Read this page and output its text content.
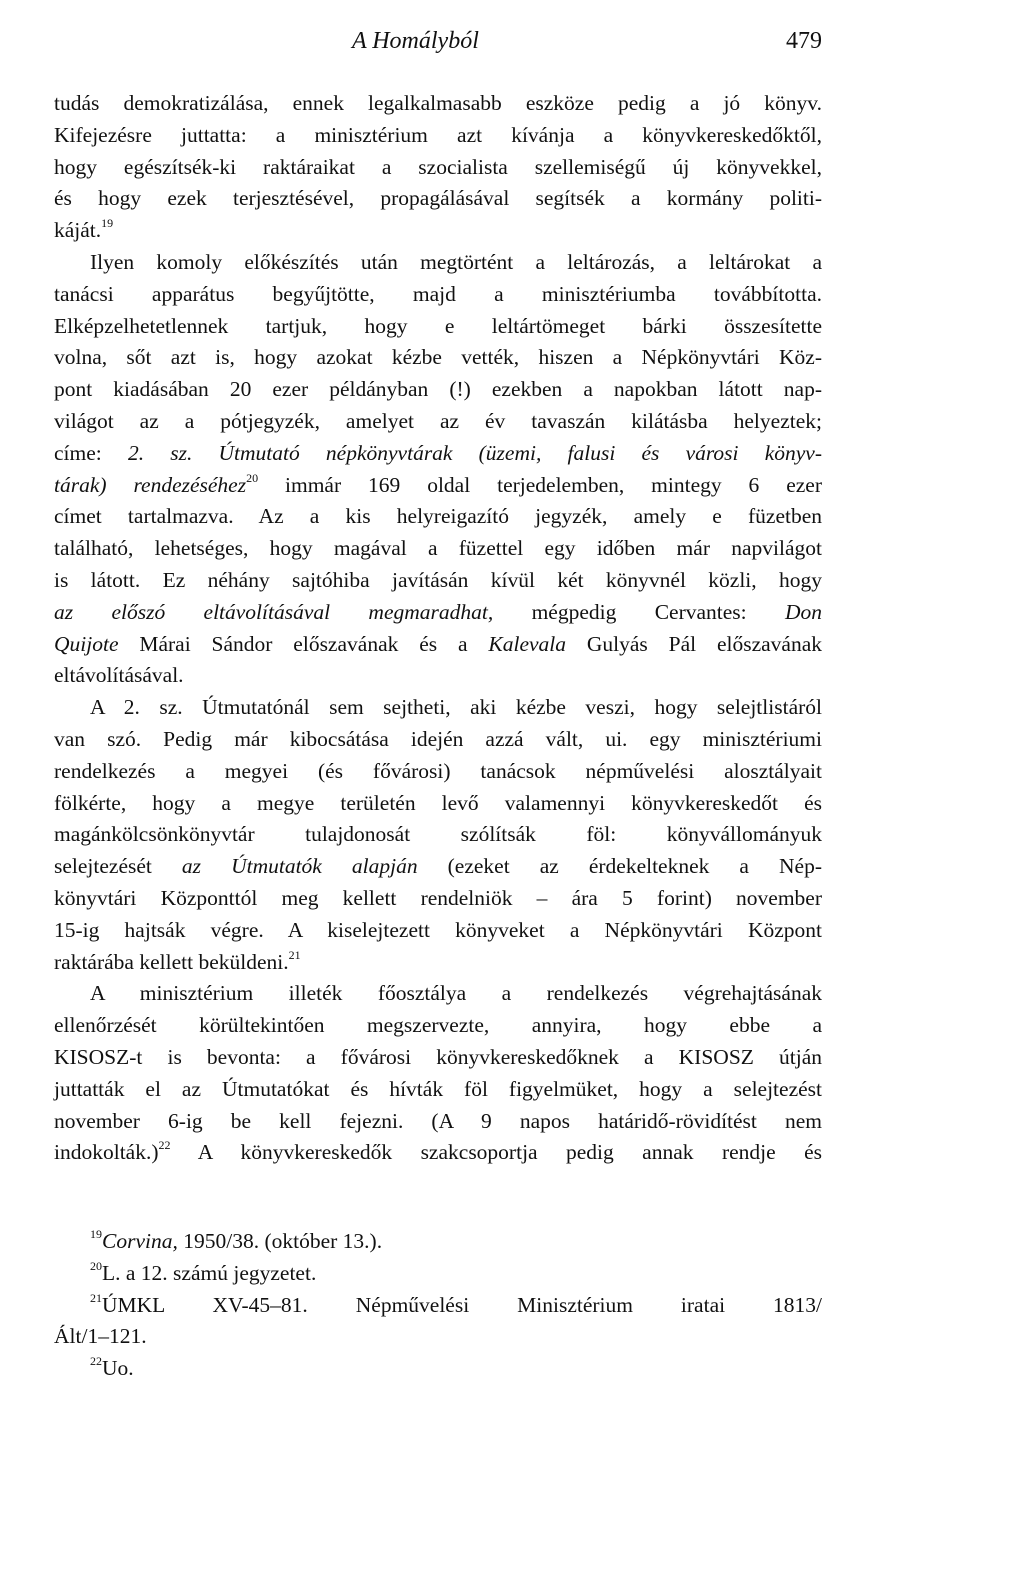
A Homályból	479
tudás demokratizálása, ennek legalkalmasabb eszköze pedig a jó könyv.
Kifejezésre juttatta: a minisztérium azt kívánja a könyvkereskedőktől,
hogy egészítsék-ki raktáraikat a szocialista szellemiségű új könyvekkel,
és hogy ezek terjesztésével, propagálásával segítsék a kormány politi-
káját.$^{19}$
Ilyen komoly előkészítés után megtörtént a leltározás, a leltárokat a
tanácsi apparátus begyűjtötte, majd a minisztériumba továbbította.
Elképzelhetetlennek tartjuk, hogy e leltártömeget bárki összesítette
volna, sőt azt is, hogy azokat kézbe vették, hiszen a Népkönyvtári Köz-
pont kiadásában 20 ezer példányban (!) ezekben a napokban látott nap-
világot az a pótjegyzék, amelyet az év tavaszán kilátásba helyeztek;
címe: 2. sz. Útmutató népkönyvtárak (üzemi, falusi és városi könyv-
tárak) rendezéséhez$^{20}$ immár 169 oldal terjedelemben, mintegy 6 ezer
címet tartalmazva. Az a kis helyreigazító jegyzék, amely e füzetben
található, lehetséges, hogy magával a füzettel egy időben már napvilágot
is látott. Ez néhány sajtóhiba javításán kívül két könyvnél közli, hogy
az előszó eltávolításával megmaradhat, mégpedig Cervantes: Don
Quijote Márai Sándor előszavának és a Kalevala Gulyás Pál előszavának
eltávolításával.
A 2. sz. Útmutatónál sem sejtheti, aki kézbe veszi, hogy selejtlistáról
van szó. Pedig már kibocsátása idején azzá vált, ui. egy minisztériumi
rendelkezés a megyei (és fővárosi) tanácsok népművelési alosztályait
fölkérte, hogy a megye területén levő valamennyi könyvkereskedőt és
magánkölcsönkönyvtár tulajdonosát szólítsák föl: könyvállományuk
selejtezését az Útmutatók alapján (ezeket az érdekelteknek a Nép-
könyvtári Központtól meg kellett rendelniök – ára 5 forint) november
15-ig hajtsák végre. A kiselejtezett könyveket a Népkönyvtári Központ
raktárába kellett beküldeni.$^{21}$
A minisztérium illeték főosztálya a rendelkezés végrehajtásának
ellenőrzését körültekintően megszervezte, annyira, hogy ebbe a
KISOSZ-t is bevonta: a fővárosi könyvkereskedőknek a KISOSZ útján
juttatták el az Útmutatókat és hívták föl figyelmüket, hogy a selejtezést
november 6-ig be kell fejezni. (A 9 napos határidő-rövidítést nem
indokolták.)$^{22}$ A könyvkereskedők szakcsoportja pedig annak rendje és
$^{19}$Corvina, 1950/38. (október 13.).
$^{20}$L. a 12. számú jegyzetet.
$^{21}$ÚMKL XV-45–81. Népművelési Minisztérium iratai 1813/
Ált/1–121.
$^{22}$Uo.
